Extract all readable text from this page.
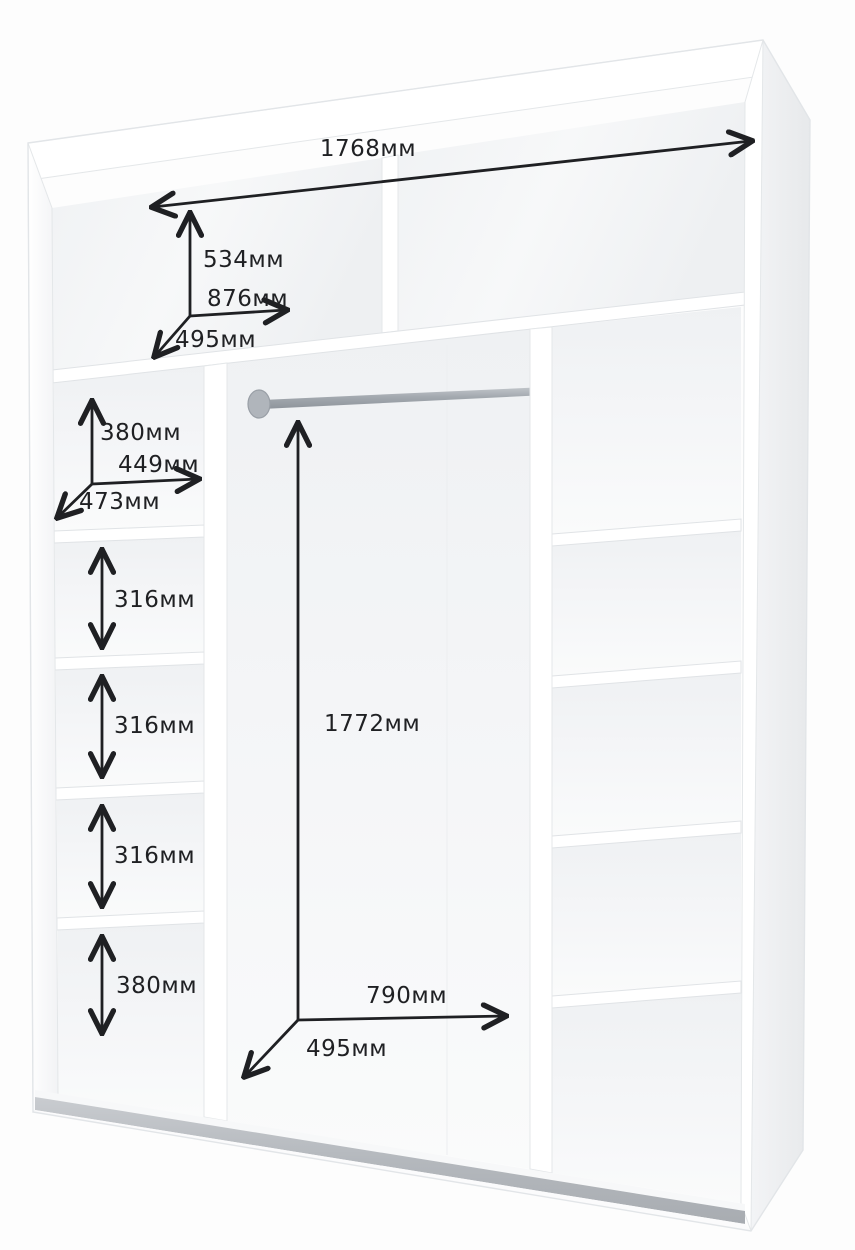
1768мм
534мм
876мм
495мм
380мм
449мм
473мм
316мм
316мм
316мм
380мм
1772мм
790мм
495мм
